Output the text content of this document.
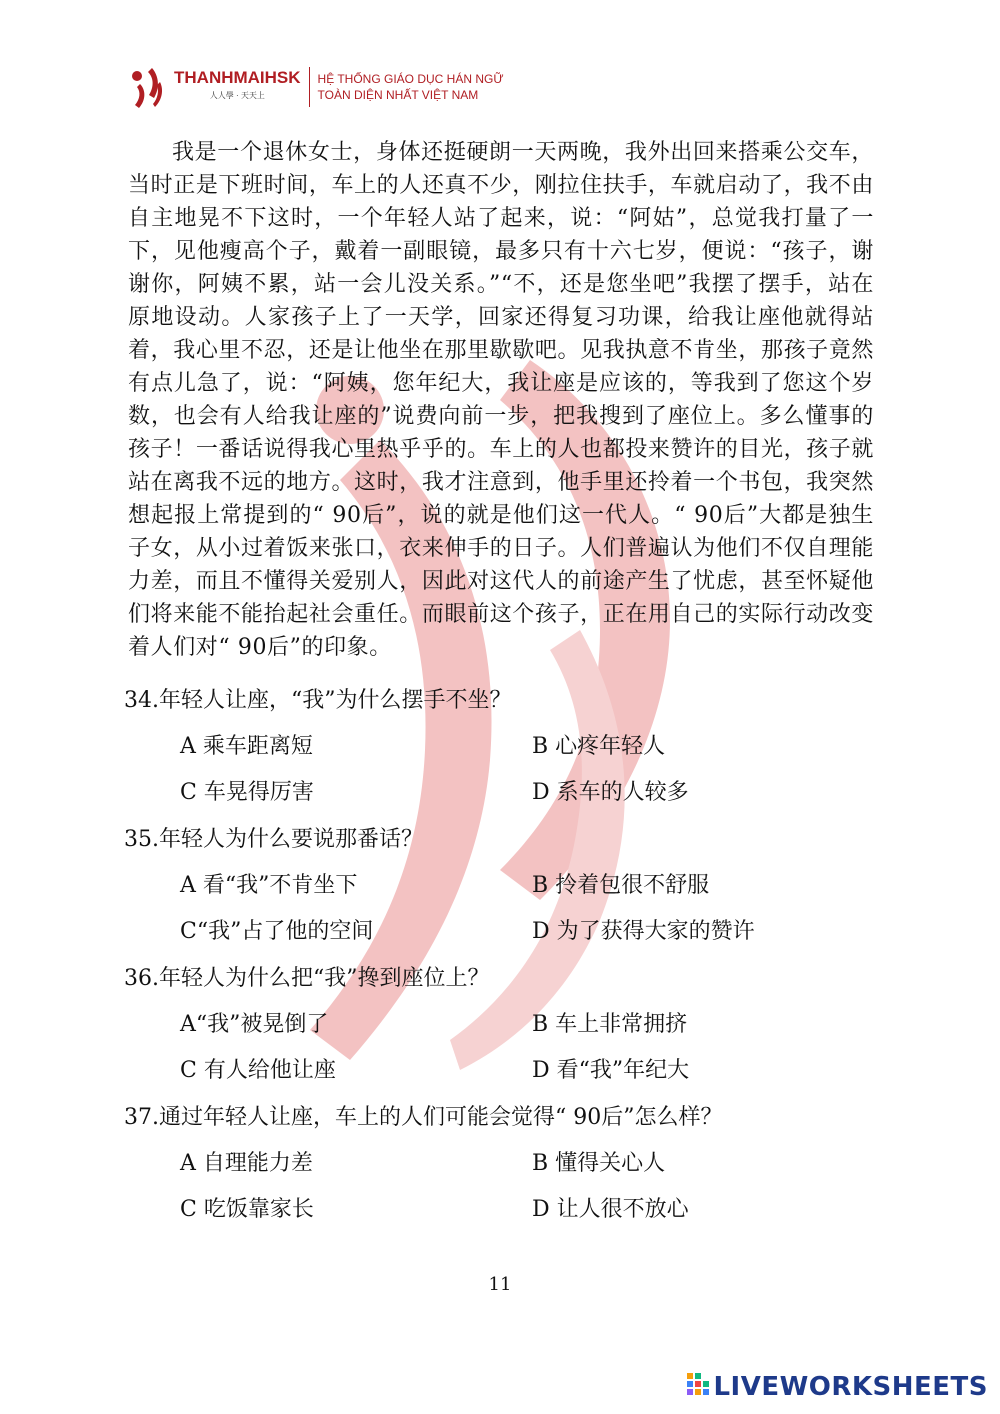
THANHMAIHSK
人人學 · 天天上
HỆ THỐNG GIÁO DỤC HÁN NGỮ
TOÀN DIỆN NHẤT VIỆT NAM

我是一个退休女士，身体还挺硬朗一天两晚，我外出回来搭乘公交车，当时正是下班时间，车上的人还真不少，刚拉住扶手，车就启动了，我不由自主地晃不下这时，一个年轻人站了起来，说：“阿姑”，总觉我打量了一下，见他瘦高个子，戴着一副眼镜，最多只有十六七岁，便说：“孩子，谢谢你，阿姨不累，站一会儿没关系。”“不，还是您坐吧”我摆了摆手，站在原地设动。人家孩子上了一天学，回家还得复习功课，给我让座他就得站着，我心里不忍，还是让他坐在那里歇歇吧。见我执意不肯坐，那孩子竟然有点儿急了，说：“阿姨，您年纪大，我让座是应该的，等我到了您这个岁数，也会有人给我让座的”说费向前一步，把我搜到了座位上。多么懂事的孩子！一番话说得我心里热乎乎的。车上的人也都投来赞许的目光，孩子就站在离我不远的地方。这时，我才注意到，他手里还拎着一个书包，我突然想起报上常提到的“ 90后”，说的就是他们这一代人。“ 90后”大都是独生子女，从小过着饭来张口，衣来伸手的日子。人们普遍认为他们不仅自理能力差，而且不懂得关爱别人，因此对这代人的前途产生了忧虑，甚至怀疑他们将来能不能抬起社会重任。而眼前这个孩子，正在用自己的实际行动改变着人们对“ 90后”的印象。

34.年轻人让座，“我”为什么摆手不坐？
A 乘车距离短	B 心疼年轻人
C 车晃得厉害	D 系车的人较多
35.年轻人为什么要说那番话？
A 看“我”不肯坐下	B 拎着包很不舒服
C“我”占了他的空间	D 为了获得大家的赞许
36.年轻人为什么把“我”搀到座位上？
A“我”被晃倒了	B 车上非常拥挤
C 有人给他让座	D 看“我”年纪大
37.通过年轻人让座，车上的人们可能会觉得“ 90后”怎么样？
A 自理能力差	B 懂得关心人
C 吃饭靠家长	D 让人很不放心
11
LIVEWORKSHEETS
